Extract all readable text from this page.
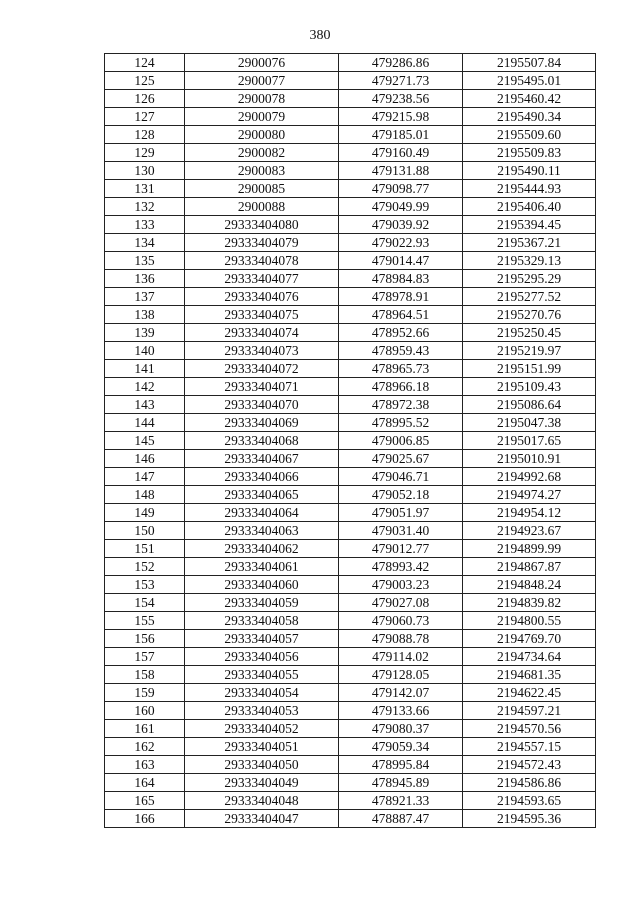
380
124	2900076	479286.86	2195507.84
125	2900077	479271.73	2195495.01
126	2900078	479238.56	2195460.42
127	2900079	479215.98	2195490.34
128	2900080	479185.01	2195509.60
129	2900082	479160.49	2195509.83
130	2900083	479131.88	2195490.11
131	2900085	479098.77	2195444.93
132	2900088	479049.99	2195406.40
133	29333404080	479039.92	2195394.45
134	29333404079	479022.93	2195367.21
135	29333404078	479014.47	2195329.13
136	29333404077	478984.83	2195295.29
137	29333404076	478978.91	2195277.52
138	29333404075	478964.51	2195270.76
139	29333404074	478952.66	2195250.45
140	29333404073	478959.43	2195219.97
141	29333404072	478965.73	2195151.99
142	29333404071	478966.18	2195109.43
143	29333404070	478972.38	2195086.64
144	29333404069	478995.52	2195047.38
145	29333404068	479006.85	2195017.65
146	29333404067	479025.67	2195010.91
147	29333404066	479046.71	2194992.68
148	29333404065	479052.18	2194974.27
149	29333404064	479051.97	2194954.12
150	29333404063	479031.40	2194923.67
151	29333404062	479012.77	2194899.99
152	29333404061	478993.42	2194867.87
153	29333404060	479003.23	2194848.24
154	29333404059	479027.08	2194839.82
155	29333404058	479060.73	2194800.55
156	29333404057	479088.78	2194769.70
157	29333404056	479114.02	2194734.64
158	29333404055	479128.05	2194681.35
159	29333404054	479142.07	2194622.45
160	29333404053	479133.66	2194597.21
161	29333404052	479080.37	2194570.56
162	29333404051	479059.34	2194557.15
163	29333404050	478995.84	2194572.43
164	29333404049	478945.89	2194586.86
165	29333404048	478921.33	2194593.65
166	29333404047	478887.47	2194595.36
